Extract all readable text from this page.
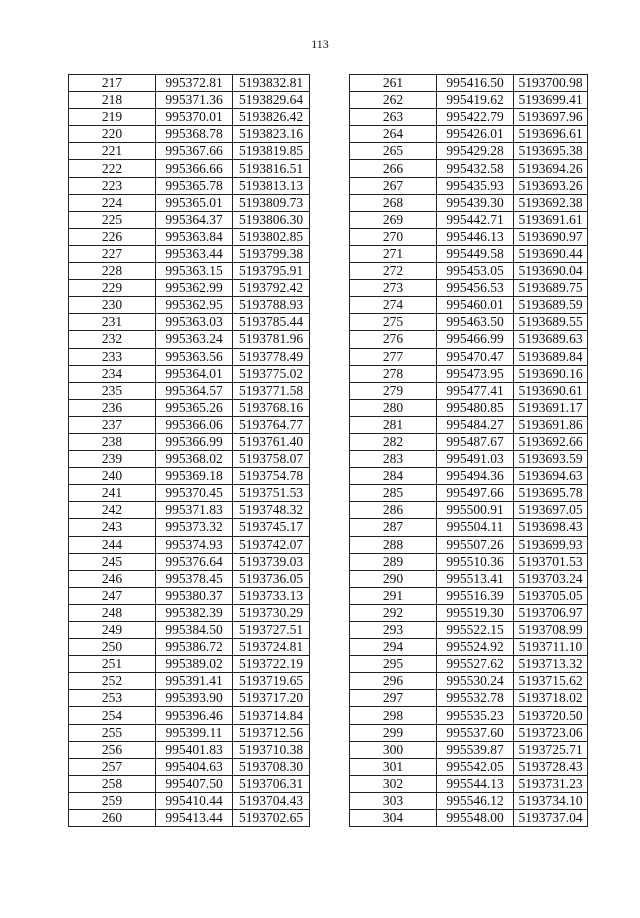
113
217	995372.81	5193832.81
218	995371.36	5193829.64
219	995370.01	5193826.42
220	995368.78	5193823.16
221	995367.66	5193819.85
222	995366.66	5193816.51
223	995365.78	5193813.13
224	995365.01	5193809.73
225	995364.37	5193806.30
226	995363.84	5193802.85
227	995363.44	5193799.38
228	995363.15	5193795.91
229	995362.99	5193792.42
230	995362.95	5193788.93
231	995363.03	5193785.44
232	995363.24	5193781.96
233	995363.56	5193778.49
234	995364.01	5193775.02
235	995364.57	5193771.58
236	995365.26	5193768.16
237	995366.06	5193764.77
238	995366.99	5193761.40
239	995368.02	5193758.07
240	995369.18	5193754.78
241	995370.45	5193751.53
242	995371.83	5193748.32
243	995373.32	5193745.17
244	995374.93	5193742.07
245	995376.64	5193739.03
246	995378.45	5193736.05
247	995380.37	5193733.13
248	995382.39	5193730.29
249	995384.50	5193727.51
250	995386.72	5193724.81
251	995389.02	5193722.19
252	995391.41	5193719.65
253	995393.90	5193717.20
254	995396.46	5193714.84
255	995399.11	5193712.56
256	995401.83	5193710.38
257	995404.63	5193708.30
258	995407.50	5193706.31
259	995410.44	5193704.43
260	995413.44	5193702.65
261	995416.50	5193700.98
262	995419.62	5193699.41
263	995422.79	5193697.96
264	995426.01	5193696.61
265	995429.28	5193695.38
266	995432.58	5193694.26
267	995435.93	5193693.26
268	995439.30	5193692.38
269	995442.71	5193691.61
270	995446.13	5193690.97
271	995449.58	5193690.44
272	995453.05	5193690.04
273	995456.53	5193689.75
274	995460.01	5193689.59
275	995463.50	5193689.55
276	995466.99	5193689.63
277	995470.47	5193689.84
278	995473.95	5193690.16
279	995477.41	5193690.61
280	995480.85	5193691.17
281	995484.27	5193691.86
282	995487.67	5193692.66
283	995491.03	5193693.59
284	995494.36	5193694.63
285	995497.66	5193695.78
286	995500.91	5193697.05
287	995504.11	5193698.43
288	995507.26	5193699.93
289	995510.36	5193701.53
290	995513.41	5193703.24
291	995516.39	5193705.05
292	995519.30	5193706.97
293	995522.15	5193708.99
294	995524.92	5193711.10
295	995527.62	5193713.32
296	995530.24	5193715.62
297	995532.78	5193718.02
298	995535.23	5193720.50
299	995537.60	5193723.06
300	995539.87	5193725.71
301	995542.05	5193728.43
302	995544.13	5193731.23
303	995546.12	5193734.10
304	995548.00	5193737.04
